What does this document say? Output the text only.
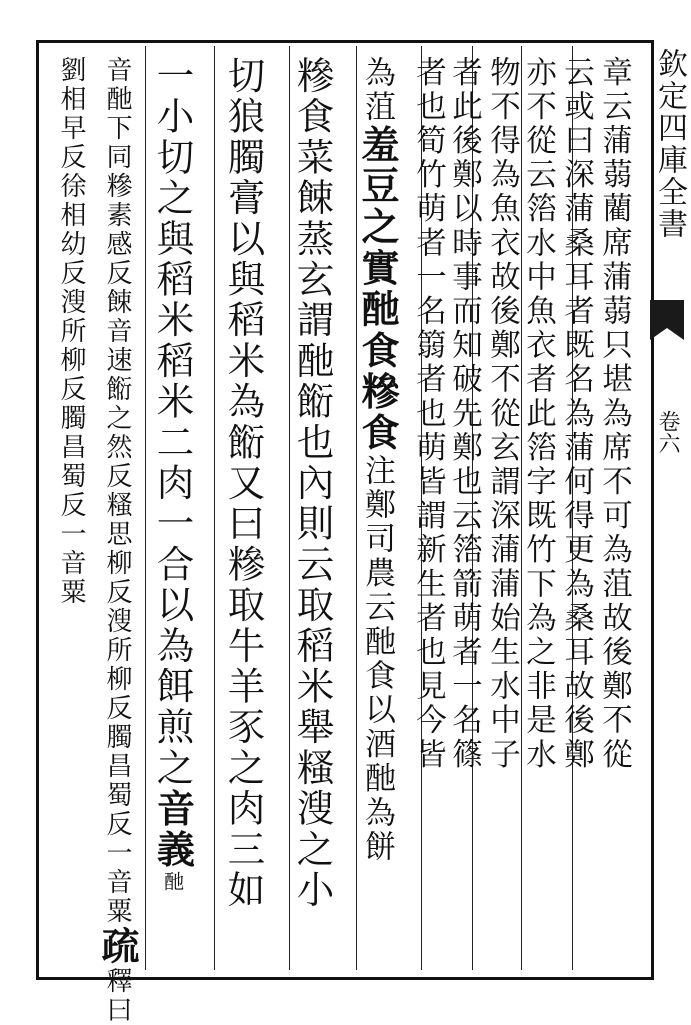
欽定四庫全書
卷六
章云蒲蒻藺席蒲蒻只堪為席不可為菹故後鄭不從
云或曰深蒲桑耳者既名為蒲何得更為桑耳故後鄭
亦不從云箈水中魚衣者此箈字既竹下為之非是水
物不得為魚衣故後鄭不從玄謂深蒲蒲始生水中子
者此後鄭以時事而知破先鄭也云箈箭萌者一名篠
者也筍竹萌者一名篛者也萌皆謂新生者也見今皆
為菹羞豆之實酏食糝食注鄭司農云酏食以酒酏為餅
糝食菜餗蒸玄謂酏餰也內則云取稻米舉糔溲之小
切狼臅膏以與稻米為餰又曰糝取牛羊豕之肉三如
一小切之與稻米稻米二肉一合以為餌煎之音義酏
音酏下同糝素感反餗音速餰之然反糔思柳反溲所柳反臅昌蜀反一音粟疏釋曰
劉相早反徐相幼反溲所柳反臅昌蜀反一音粟
